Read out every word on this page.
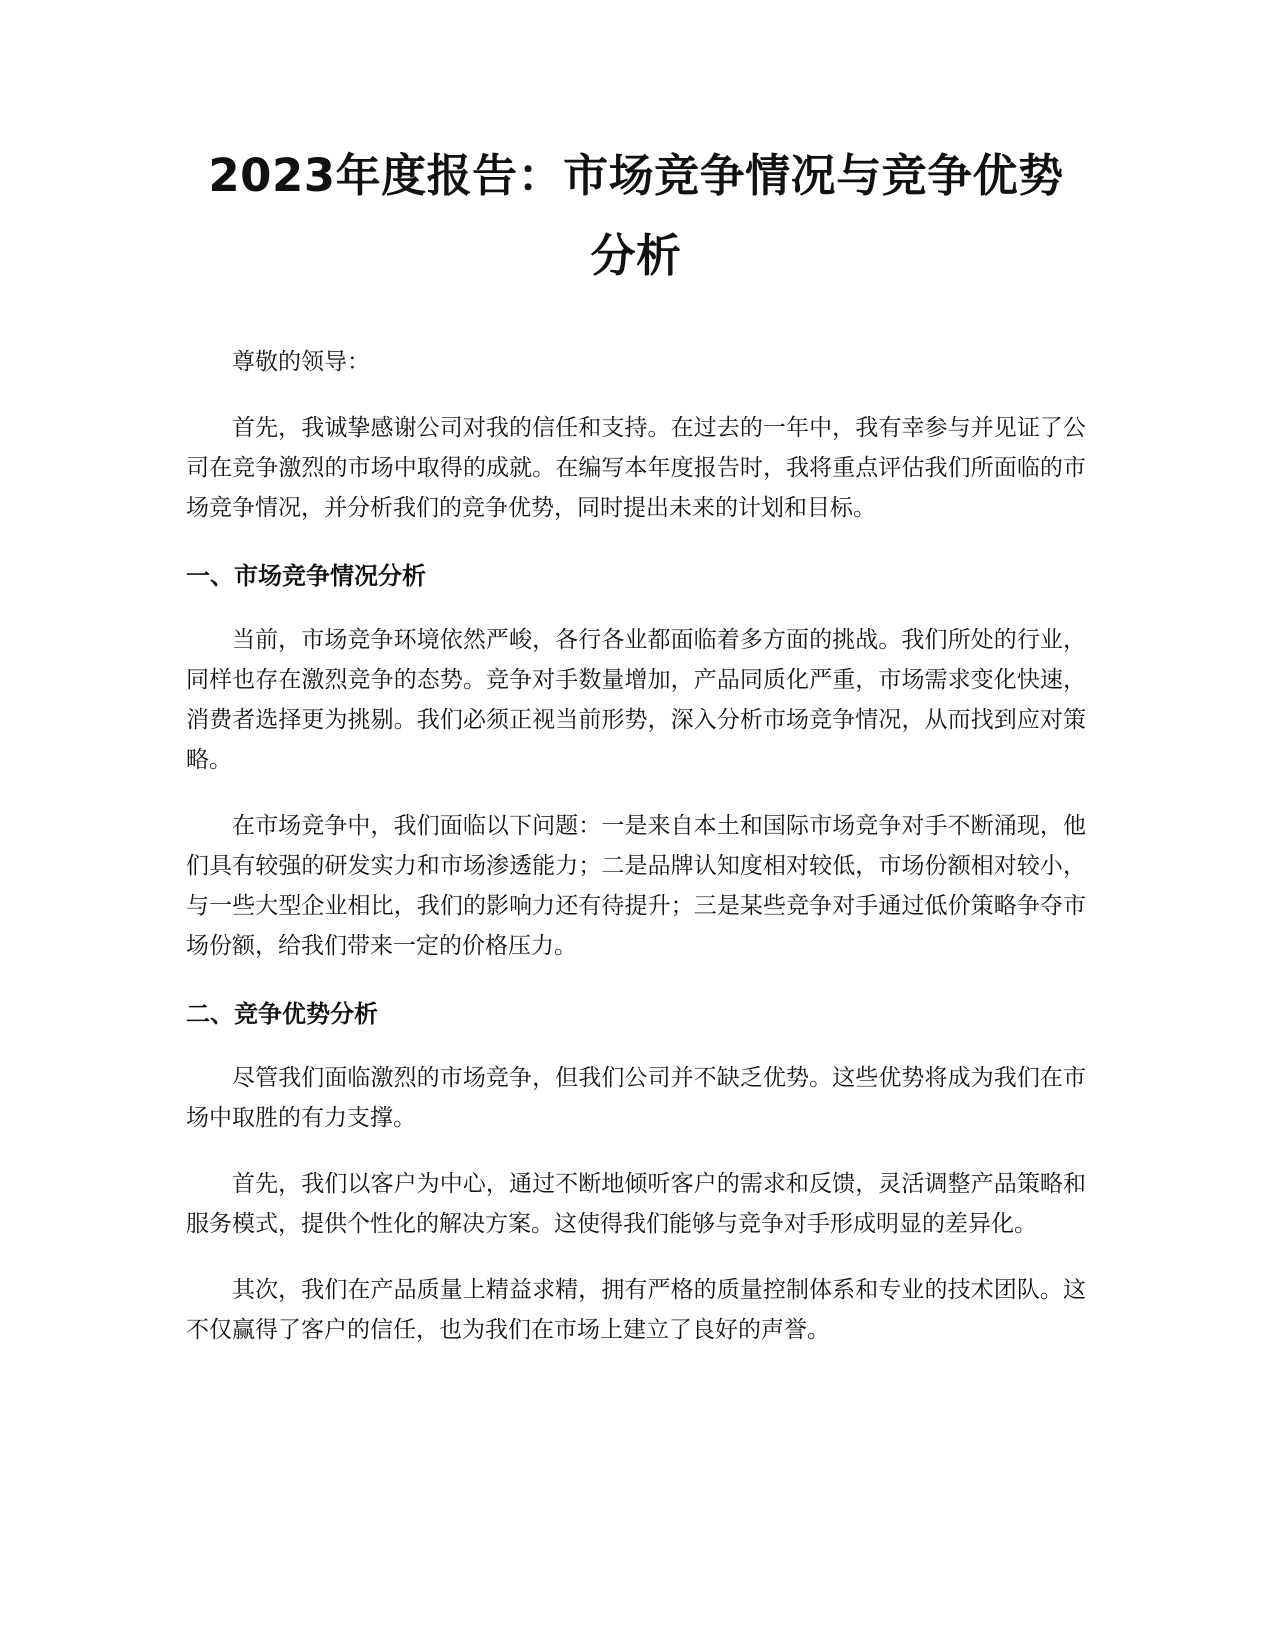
2023年度报告：市场竞争情况与竞争优势分析

尊敬的领导：

首先，我诚挚感谢公司对我的信任和支持。在过去的一年中，我有幸参与并见证了公司在竞争激烈的市场中取得的成就。在编写本年度报告时，我将重点评估我们所面临的市场竞争情况，并分析我们的竞争优势，同时提出未来的计划和目标。

一、市场竞争情况分析

当前，市场竞争环境依然严峻，各行各业都面临着多方面的挑战。我们所处的行业，同样也存在激烈竞争的态势。竞争对手数量增加，产品同质化严重，市场需求变化快速，消费者选择更为挑剔。我们必须正视当前形势，深入分析市场竞争情况，从而找到应对策略。

在市场竞争中，我们面临以下问题：一是来自本土和国际市场竞争对手不断涌现，他们具有较强的研发实力和市场渗透能力；二是品牌认知度相对较低，市场份额相对较小，与一些大型企业相比，我们的影响力还有待提升；三是某些竞争对手通过低价策略争夺市场份额，给我们带来一定的价格压力。

二、竞争优势分析

尽管我们面临激烈的市场竞争，但我们公司并不缺乏优势。这些优势将成为我们在市场中取胜的有力支撑。

首先，我们以客户为中心，通过不断地倾听客户的需求和反馈，灵活调整产品策略和服务模式，提供个性化的解决方案。这使得我们能够与竞争对手形成明显的差异化。

其次，我们在产品质量上精益求精，拥有严格的质量控制体系和专业的技术团队。这不仅赢得了客户的信任，也为我们在市场上建立了良好的声誉。
